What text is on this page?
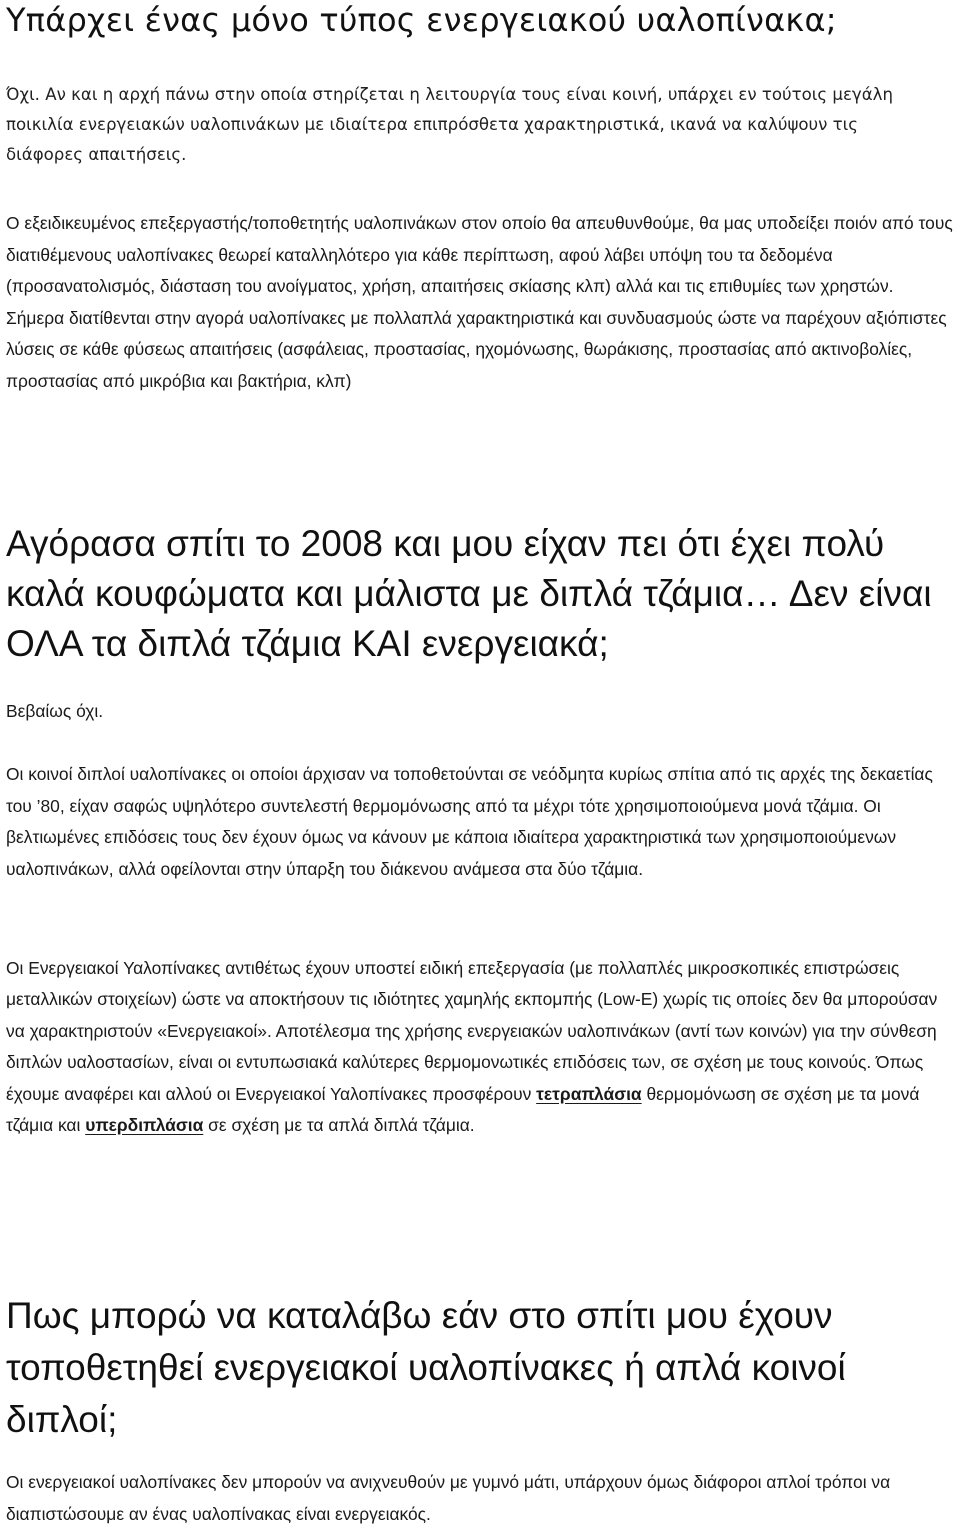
Υπάρχει ένας μόνο τύπος ενεργειακού υαλοπίνακα;

Όχι. Αν και η αρχή πάνω στην οποία στηρίζεται η λειτουργία τους είναι κοινή, υπάρχει εν τούτοις μεγάλη ποικιλία ενεργειακών υαλοπινάκων με ιδιαίτερα επιπρόσθετα χαρακτηριστικά, ικανά να καλύψουν τις διάφορες απαιτήσεις.

Ο εξειδικευμένος επεξεργαστής/τοποθετητής υαλοπινάκων στον οποίο θα απευθυνθούμε, θα μας υποδείξει ποιόν από τους διατιθέμενους υαλοπίνακες θεωρεί καταλληλότερο για κάθε περίπτωση, αφού λάβει υπόψη του τα δεδομένα (προσανατολισμός, διάσταση του ανοίγματος, χρήση, απαιτήσεις σκίασης κλπ) αλλά και τις επιθυμίες των χρηστών. Σήμερα διατίθενται στην αγορά υαλοπίνακες με πολλαπλά χαρακτηριστικά και συνδυασμούς ώστε να παρέχουν αξιόπιστες λύσεις σε κάθε φύσεως απαιτήσεις (ασφάλειας, προστασίας, ηχομόνωσης, θωράκισης, προστασίας από ακτινοβολίες, προστασίας από μικρόβια και βακτήρια, κλπ)

Αγόρασα σπίτι το 2008 και μου είχαν πει ότι έχει πολύ καλά κουφώματα και μάλιστα με διπλά τζάμια… Δεν είναι ΟΛΑ τα διπλά τζάμια ΚΑΙ ενεργειακά;

Βεβαίως όχι.

Οι κοινοί διπλοί υαλοπίνακες οι οποίοι άρχισαν να τοποθετούνται σε νεόδμητα κυρίως σπίτια από τις αρχές της δεκαετίας του ’80, είχαν σαφώς υψηλότερο συντελεστή θερμομόνωσης από τα μέχρι τότε χρησιμοποιούμενα μονά τζάμια. Οι βελτιωμένες επιδόσεις τους δεν έχουν όμως να κάνουν με κάποια ιδιαίτερα χαρακτηριστικά των χρησιμοποιούμενων υαλοπινάκων, αλλά οφείλονται στην ύπαρξη του διάκενου ανάμεσα στα δύο τζάμια.

Οι Ενεργειακοί Υαλοπίνακες αντιθέτως έχουν υποστεί ειδική επεξεργασία (με πολλαπλές μικροσκοπικές επιστρώσεις μεταλλικών στοιχείων) ώστε να αποκτήσουν τις ιδιότητες χαμηλής εκπομπής (Low-E) χωρίς τις οποίες δεν θα μπορούσαν να χαρακτηριστούν «Ενεργειακοί». Αποτέλεσμα της χρήσης ενεργειακών υαλοπινάκων (αντί των κοινών) για την σύνθεση διπλών υαλοστασίων, είναι οι εντυπωσιακά καλύτερες θερμομονωτικές επιδόσεις των, σε σχέση με τους κοινούς. Όπως έχουμε αναφέρει και αλλού οι Ενεργειακοί Υαλοπίνακες προσφέρουν τετραπλάσια θερμομόνωση σε σχέση με τα μονά τζάμια και υπερδιπλάσια σε σχέση με τα απλά διπλά τζάμια.

Πως μπορώ να καταλάβω εάν στο σπίτι μου έχουν τοποθετηθεί ενεργειακοί υαλοπίνακες ή απλά κοινοί διπλοί;

Οι ενεργειακοί υαλοπίνακες δεν μπορούν να ανιχνευθούν με γυμνό μάτι, υπάρχουν όμως διάφοροι απλοί τρόποι να διαπιστώσουμε αν ένας υαλοπίνακας είναι ενεργειακός.
